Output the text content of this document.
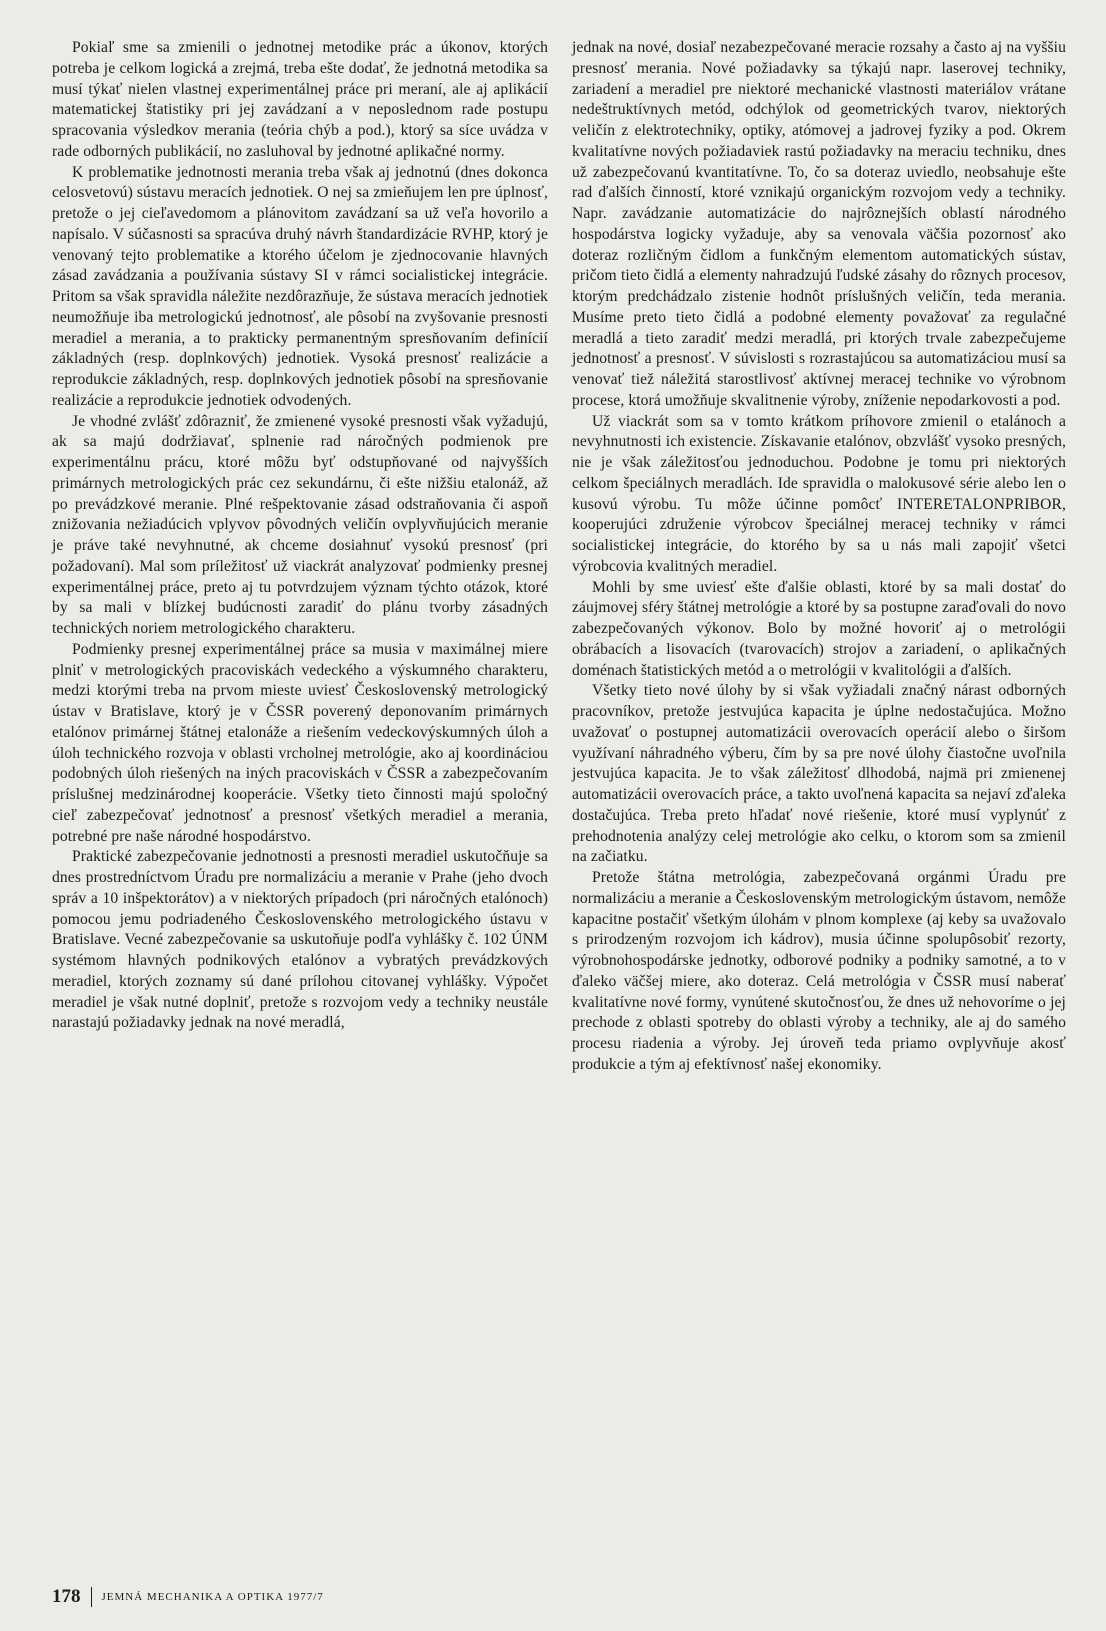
Pokiaľ sme sa zmienili o jednotnej metodike prác a úkonov, ktorých potreba je celkom logická a zrejmá, treba ešte dodať, že jednotná metodika sa musí týkať nielen vlastnej experimentálnej práce pri meraní, ale aj aplikácií matematickej štatistiky pri jej zavádzaní a v neposlednom rade postupu spracovania výsledkov merania (teória chýb a pod.), ktorý sa síce uvádza v rade odborných publikácií, no zasluhoval by jednotné aplikačné normy.

K problematike jednotnosti merania treba však aj jednotnú (dnes dokonca celosvetovú) sústavu meracích jednotiek. O nej sa zmieňujem len pre úplnosť, pretože o jej cieľavedomom a plánovitom zavádzaní sa už veľa hovorilo a napísalo. V súčasnosti sa spracúva druhý návrh štandardizácie RVHP, ktorý je venovaný tejto problematike a ktorého účelom je zjednocovanie hlavných zásad zavádzania a používania sústavy SI v rámci socialistickej integrácie. Pritom sa však spravidla náležite nezdôrazňuje, že sústava meracích jednotiek neumožňuje iba metrologickú jednotnosť, ale pôsobí na zvyšovanie presnosti meradiel a merania, a to prakticky permanentným spresňovaním definícií základných (resp. doplnkových) jednotiek. Vysoká presnosť realizácie a reprodukcie základných, resp. doplnkových jednotiek pôsobí na spresňovanie realizácie a reprodukcie jednotiek odvodených.

Je vhodné zvlášť zdôrazniť, že zmienené vysoké presnosti však vyžadujú, ak sa majú dodržiavať, splnenie rad náročných podmienok pre experimentálnu prácu, ktoré môžu byť odstupňované od najvyšších primárnych metrologických prác cez sekundárnu, či ešte nižšiu etalonáž, až po prevádzkové meranie. Plné rešpektovanie zásad odstraňovania či aspoň znižovania nežiadúcich vplyvov pôvodných veličín ovplyvňujúcich meranie je práve také nevyhnutné, ak chceme dosiahnuť vysokú presnosť (pri požadovaní). Mal som príležitosť už viackrát analyzovať podmienky presnej experimentálnej práce, preto aj tu potvrdzujem význam týchto otázok, ktoré by sa mali v blízkej budúcnosti zaradiť do plánu tvorby zásadných technických noriem metrologického charakteru.

Podmienky presnej experimentálnej práce sa musia v maximálnej miere plniť v metrologických pracoviskách vedeckého a výskumného charakteru, medzi ktorými treba na prvom mieste uviesť Československý metrologický ústav v Bratislave, ktorý je v ČSSR poverený deponovaním primárnych etalónov primárnej štátnej etalonáže a riešením vedeckovýskumných úloh a úloh technického rozvoja v oblasti vrcholnej metrológie, ako aj koordináciou podobných úloh riešených na iných pracoviskách v ČSSR a zabezpečovaním príslušnej medzinárodnej kooperácie. Všetky tieto činnosti majú spoločný cieľ zabezpečovať jednotnosť a presnosť všetkých meradiel a merania, potrebné pre naše národné hospodárstvo.

Praktické zabezpečovanie jednotnosti a presnosti meradiel uskutočňuje sa dnes prostredníctvom Úradu pre normalizáciu a meranie v Prahe (jeho dvoch správ a 10 inšpektorátov) a v niektorých prípadoch (pri náročných etalónoch) pomocou jemu podriadeného Československého metrologického ústavu v Bratislave. Vecné zabezpečovanie sa uskutoňuje podľa vyhlášky č. 102 ÚNM systémom hlavných podnikových etalónov a vybratých prevádzkových meradiel, ktorých zoznamy sú dané prílohou citovanej vyhlášky. Výpočet meradiel je však nutné doplniť, pretože s rozvojom vedy a techniky neustále narastajú požiadavky jednak na nové meradlá,

jednak na nové, dosiaľ nezabezpečované meracie rozsahy a často aj na vyššiu presnosť merania. Nové požiadavky sa týkajú napr. laserovej techniky, zariadení a meradiel pre niektoré mechanické vlastnosti materiálov vrátane nedeštruktívnych metód, odchýlok od geometrických tvarov, niektorých veličín z elektrotechniky, optiky, atómovej a jadrovej fyziky a pod. Okrem kvalitatívne nových požiadaviek rastú požiadavky na meraciu techniku, dnes už zabezpečovanú kvantitatívne. To, čo sa doteraz uviedlo, neobsahuje ešte rad ďalších činností, ktoré vznikajú organickým rozvojom vedy a techniky. Napr. zavádzanie automatizácie do najrôznejších oblastí národného hospodárstva logicky vyžaduje, aby sa venovala väčšia pozornosť ako doteraz rozličným čidlom a funkčným elementom automatických sústav, pričom tieto čidlá a elementy nahradzujú ľudské zásahy do rôznych procesov, ktorým predchádzalo zistenie hodnôt príslušných veličín, teda merania. Musíme preto tieto čidlá a podobné elementy považovať za regulačné meradlá a tieto zaradiť medzi meradlá, pri ktorých trvale zabezpečujeme jednotnosť a presnosť. V súvislosti s rozrastajúcou sa automatizáciou musí sa venovať tiež náležitá starostlivosť aktívnej meracej technike vo výrobnom procese, ktorá umožňuje skvalitnenie výroby, zníženie nepodarkovosti a pod.

Už viackrát som sa v tomto krátkom príhovore zmienil o etalánoch a nevyhnutnosti ich existencie. Získavanie etalónov, obzvlášť vysoko presných, nie je však záležitosťou jednoduchou. Podobne je tomu pri niektorých celkom špeciálnych meradlách. Ide spravidla o malokusové série alebo len o kusovú výrobu. Tu môže účinne pomôcť INTERETALONPRIBOR, kooperujúci združenie výrobcov špeciálnej meracej techniky v rámci socialistickej integrácie, do ktorého by sa u nás mali zapojiť všetci výrobcovia kvalitných meradiel.

Mohli by sme uviesť ešte ďalšie oblasti, ktoré by sa mali dostať do záujmovej sféry štátnej metrológie a ktoré by sa postupne zaraďovali do novo zabezpečovaných výkonov. Bolo by možné hovoriť aj o metrológii obrábacích a lisovacích (tvarovacích) strojov a zariadení, o aplikačných doménach štatistických metód a o metrológii v kvalitológii a ďalších.

Všetky tieto nové úlohy by si však vyžiadali značný nárast odborných pracovníkov, pretože jestvujúca kapacita je úplne nedostačujúca. Možno uvažovať o postupnej automatizácii overovacích operácií alebo o širšom využívaní náhradného výberu, čím by sa pre nové úlohy čiastočne uvoľnila jestvujúca kapacita. Je to však záležitosť dlhodobá, najmä pri zmienenej automatizácii overovacích práce, a takto uvoľnená kapacita sa nejaví zďaleka dostačujúca. Treba preto hľadať nové riešenie, ktoré musí vyplynúť z prehodnotenia analýzy celej metrológie ako celku, o ktorom som sa zmienil na začiatku.

Pretože štátna metrológia, zabezpečovaná orgánmi Úradu pre normalizáciu a meranie a Československým metrologickým ústavom, nemôže kapacitne postačiť všetkým úlohám v plnom komplexe (aj keby sa uvažovalo s prirodzeným rozvojom ich kádrov), musia účinne spolupôsobiť rezorty, výrobnohospodárske jednotky, odborové podniky a podniky samotné, a to v ďaleko väčšej miere, ako doteraz. Celá metrológia v ČSSR musí naberať kvalitatívne nové formy, vynútené skutočnosťou, že dnes už nehovoríme o jej prechode z oblasti spotreby do oblasti výroby a techniky, ale aj do samého procesu riadenia a výroby. Jej úroveň teda priamo ovplyvňuje akosť produkcie a tým aj efektívnosť našej ekonomiky.

178 JEMNÁ MECHANIKA A OPTIKA 1977/7
